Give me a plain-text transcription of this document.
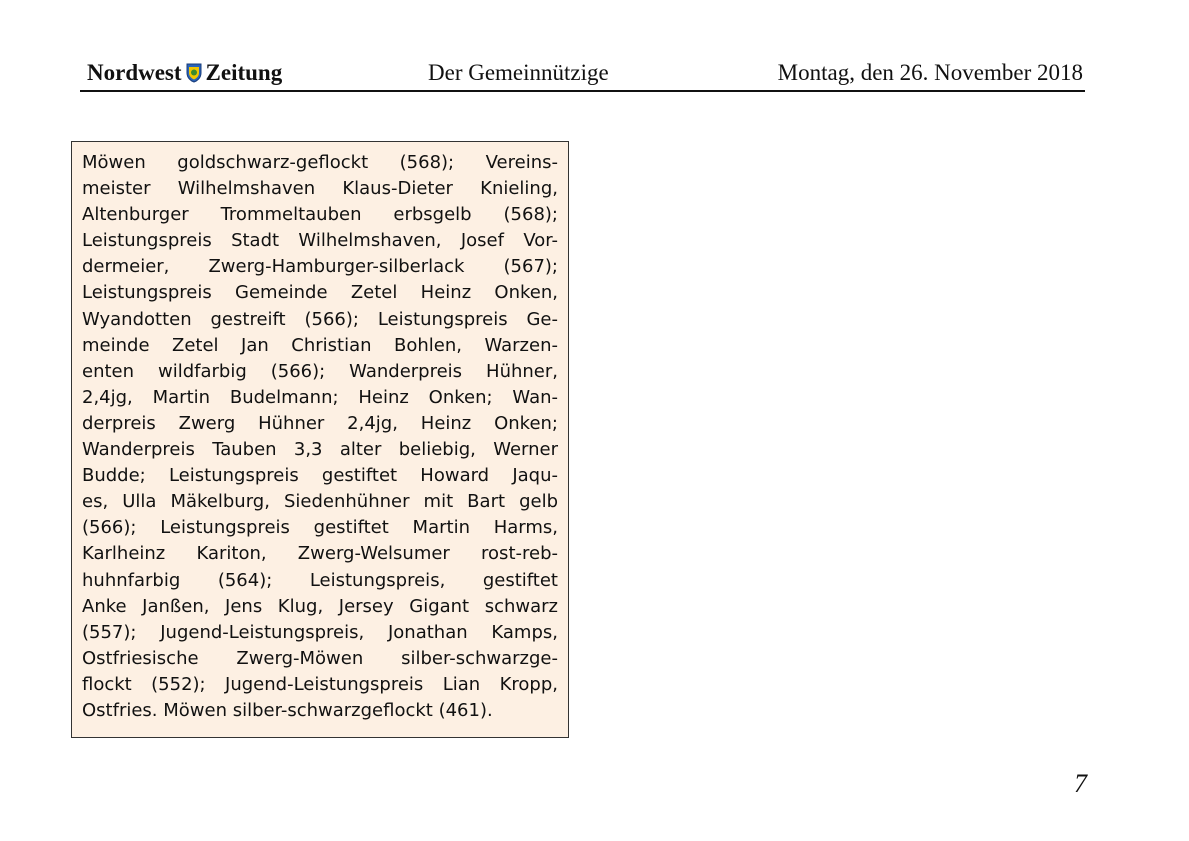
Nordwest Zeitung	Der Gemeinnützige	Montag, den 26. November 2018
Möwen goldschwarz-geflockt (568); Vereins-
meister Wilhelmshaven Klaus-Dieter Knieling,
Altenburger Trommeltauben erbsgelb (568);
Leistungspreis Stadt Wilhelmshaven, Josef Vor-
dermeier, Zwerg-Hamburger-silberlack (567);
Leistungspreis Gemeinde Zetel Heinz Onken,
Wyandotten gestreift (566); Leistungspreis Ge-
meinde Zetel Jan Christian Bohlen, Warzen-
enten wildfarbig (566); Wanderpreis Hühner,
2,4jg, Martin Budelmann; Heinz Onken; Wan-
derpreis Zwerg Hühner 2,4jg, Heinz Onken;
Wanderpreis Tauben 3,3 alter beliebig, Werner
Budde; Leistungspreis gestiftet Howard Jaqu-
es, Ulla Mäkelburg, Siedenhühner mit Bart gelb
(566); Leistungspreis gestiftet Martin Harms,
Karlheinz Kariton, Zwerg-Welsumer rost-reb-
huhnfarbig (564); Leistungspreis, gestiftet
Anke Janßen, Jens Klug, Jersey Gigant schwarz
(557); Jugend-Leistungspreis, Jonathan Kamps,
Ostfriesische Zwerg-Möwen silber-schwarzge-
flockt (552); Jugend-Leistungspreis Lian Kropp,
Ostfries. Möwen silber-schwarzgeflockt (461).
7
